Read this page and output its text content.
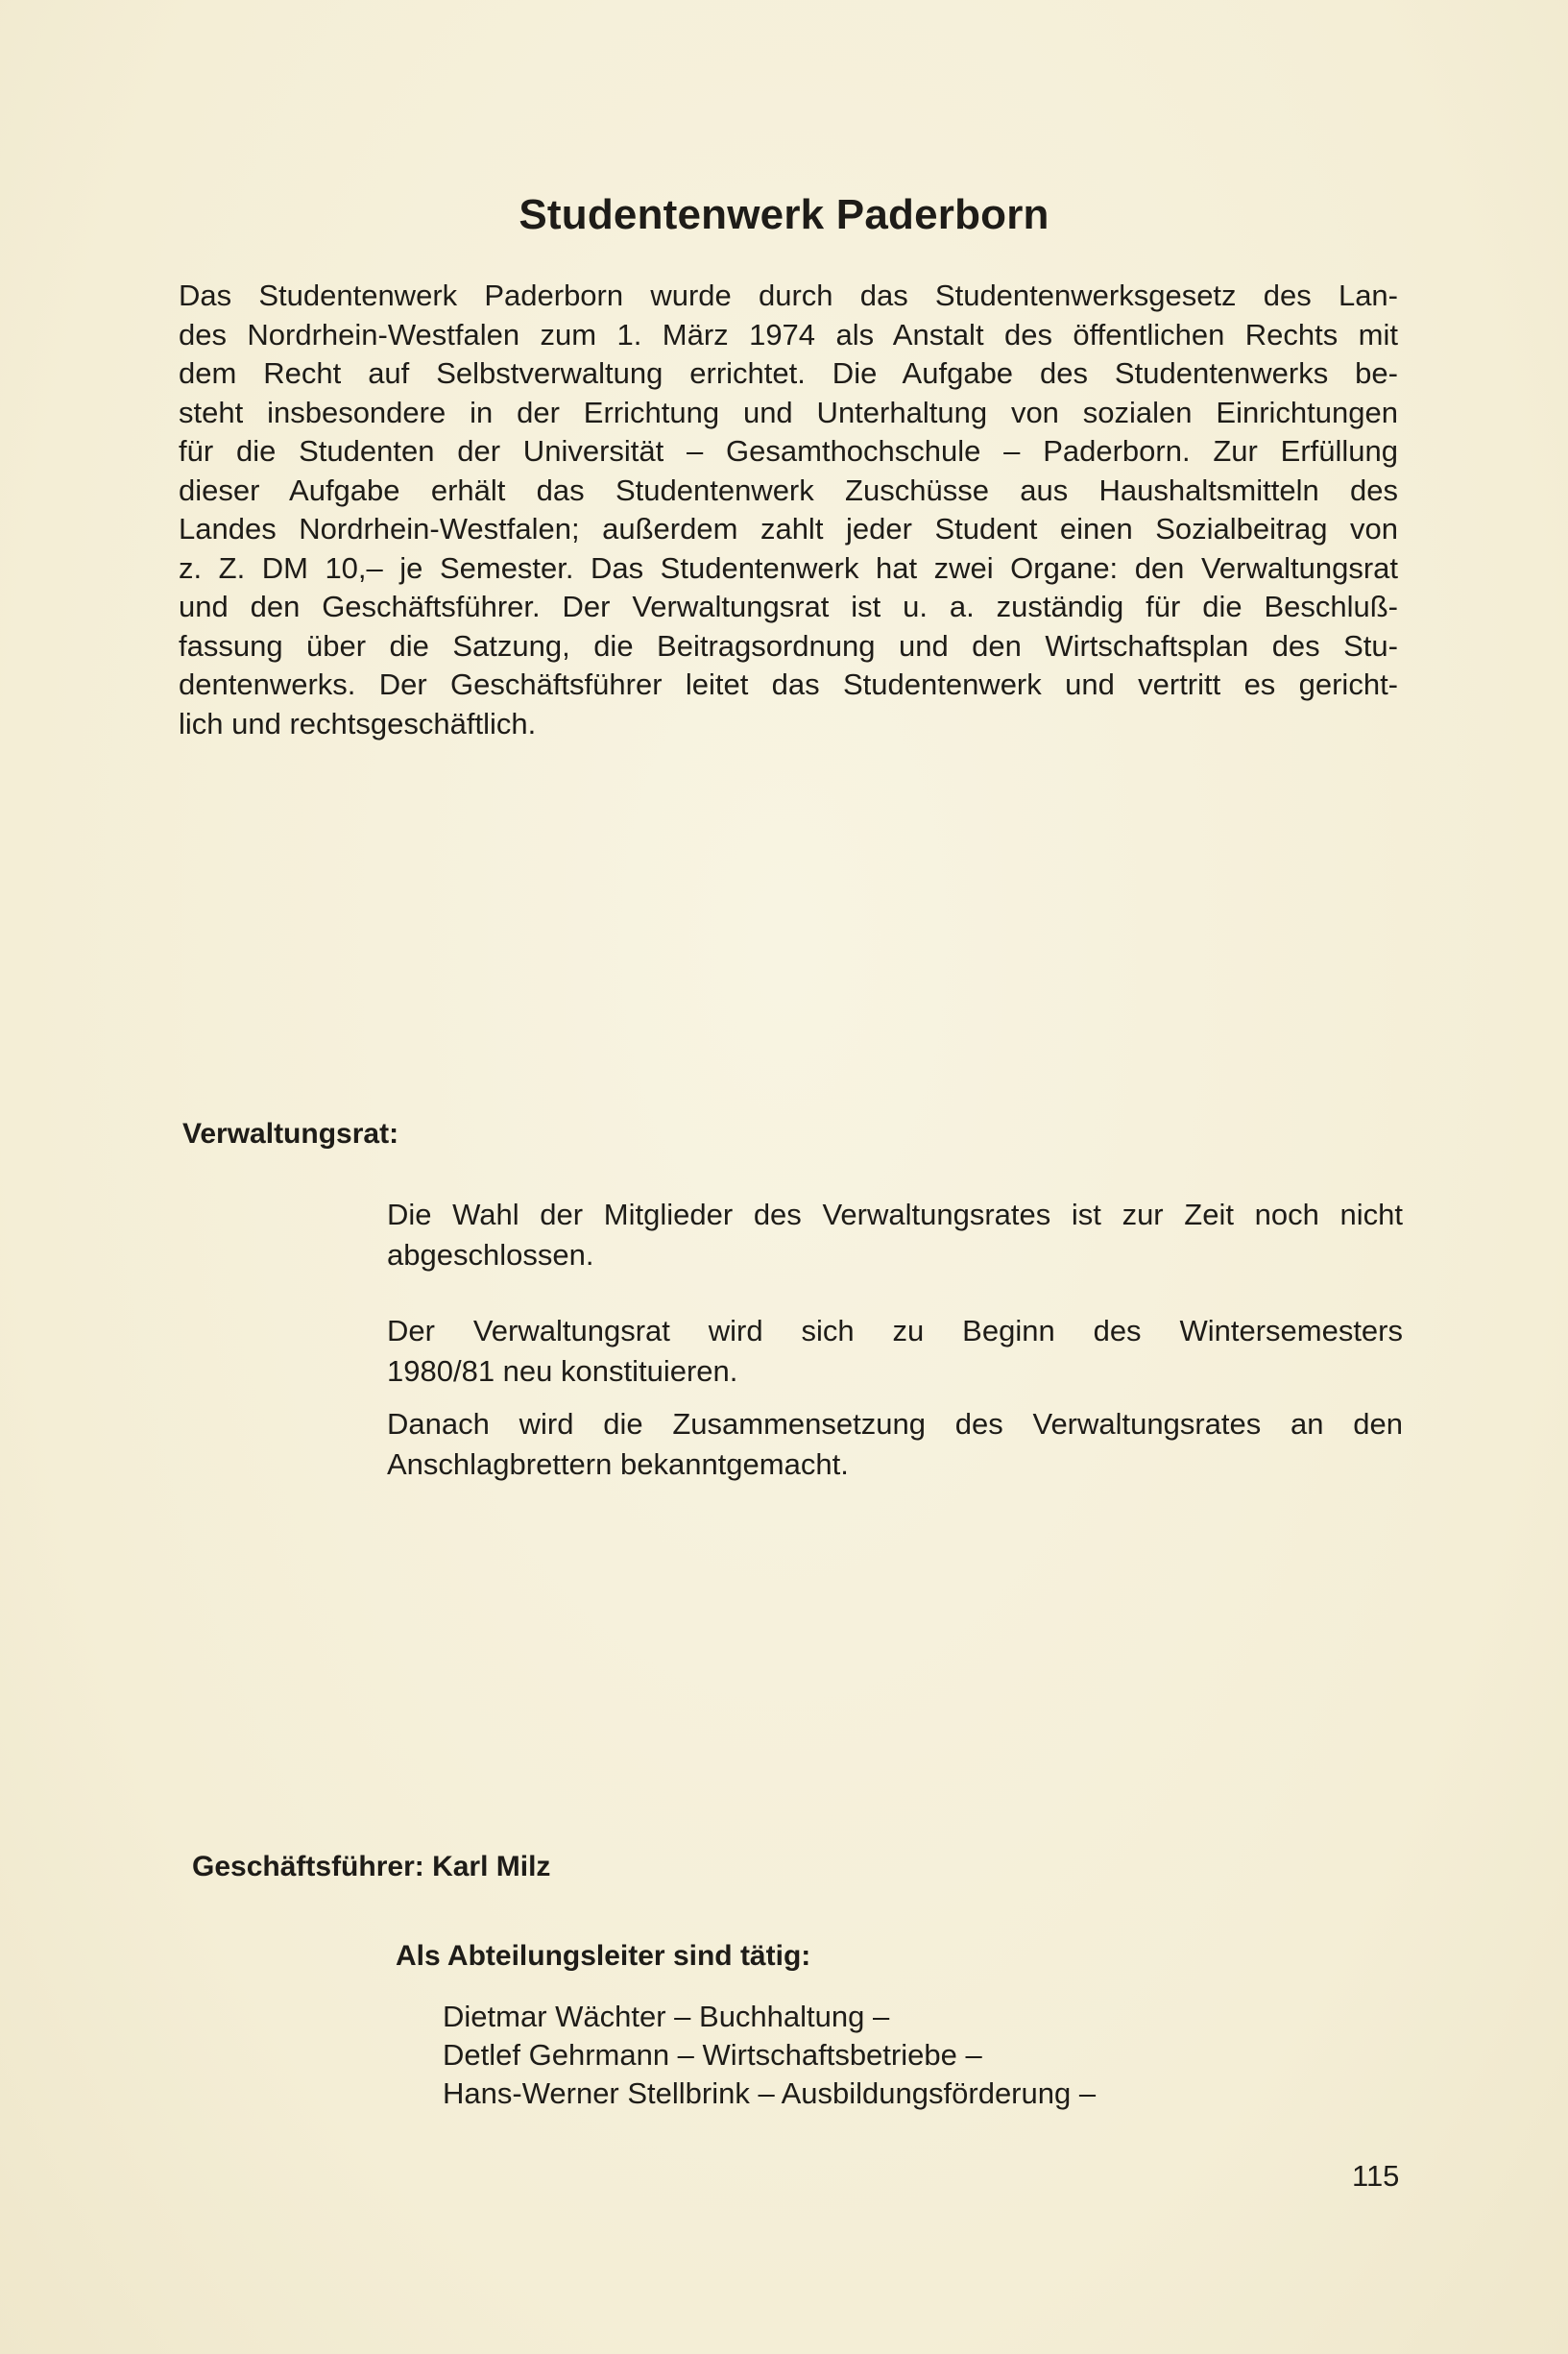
Studentenwerk Paderborn

Das Studentenwerk Paderborn wurde durch das Studentenwerksgesetz des Lan-
des Nordrhein-Westfalen zum 1. März 1974 als Anstalt des öffentlichen Rechts mit
dem Recht auf Selbstverwaltung errichtet. Die Aufgabe des Studentenwerks be-
steht insbesondere in der Errichtung und Unterhaltung von sozialen Einrichtungen
für die Studenten der Universität – Gesamthochschule – Paderborn. Zur Erfüllung
dieser Aufgabe erhält das Studentenwerk Zuschüsse aus Haushaltsmitteln des
Landes Nordrhein-Westfalen; außerdem zahlt jeder Student einen Sozialbeitrag von
z. Z. DM 10,– je Semester. Das Studentenwerk hat zwei Organe: den Verwaltungsrat
und den Geschäftsführer. Der Verwaltungsrat ist u. a. zuständig für die Beschluß-
fassung über die Satzung, die Beitragsordnung und den Wirtschaftsplan des Stu-
dentenwerks. Der Geschäftsführer leitet das Studentenwerk und vertritt es gericht-
lich und rechtsgeschäftlich.

Verwaltungsrat:

Die Wahl der Mitglieder des Verwaltungsrates ist zur Zeit noch nicht
abgeschlossen.

Der Verwaltungsrat wird sich zu Beginn des Wintersemesters
1980/81 neu konstituieren.

Danach wird die Zusammensetzung des Verwaltungsrates an den
Anschlagbrettern bekanntgemacht.

Geschäftsführer: Karl Milz
Als Abteilungsleiter sind tätig:
Dietmar Wächter – Buchhaltung –
Detlef Gehrmann – Wirtschaftsbetriebe –
Hans-Werner Stellbrink – Ausbildungsförderung –
115
